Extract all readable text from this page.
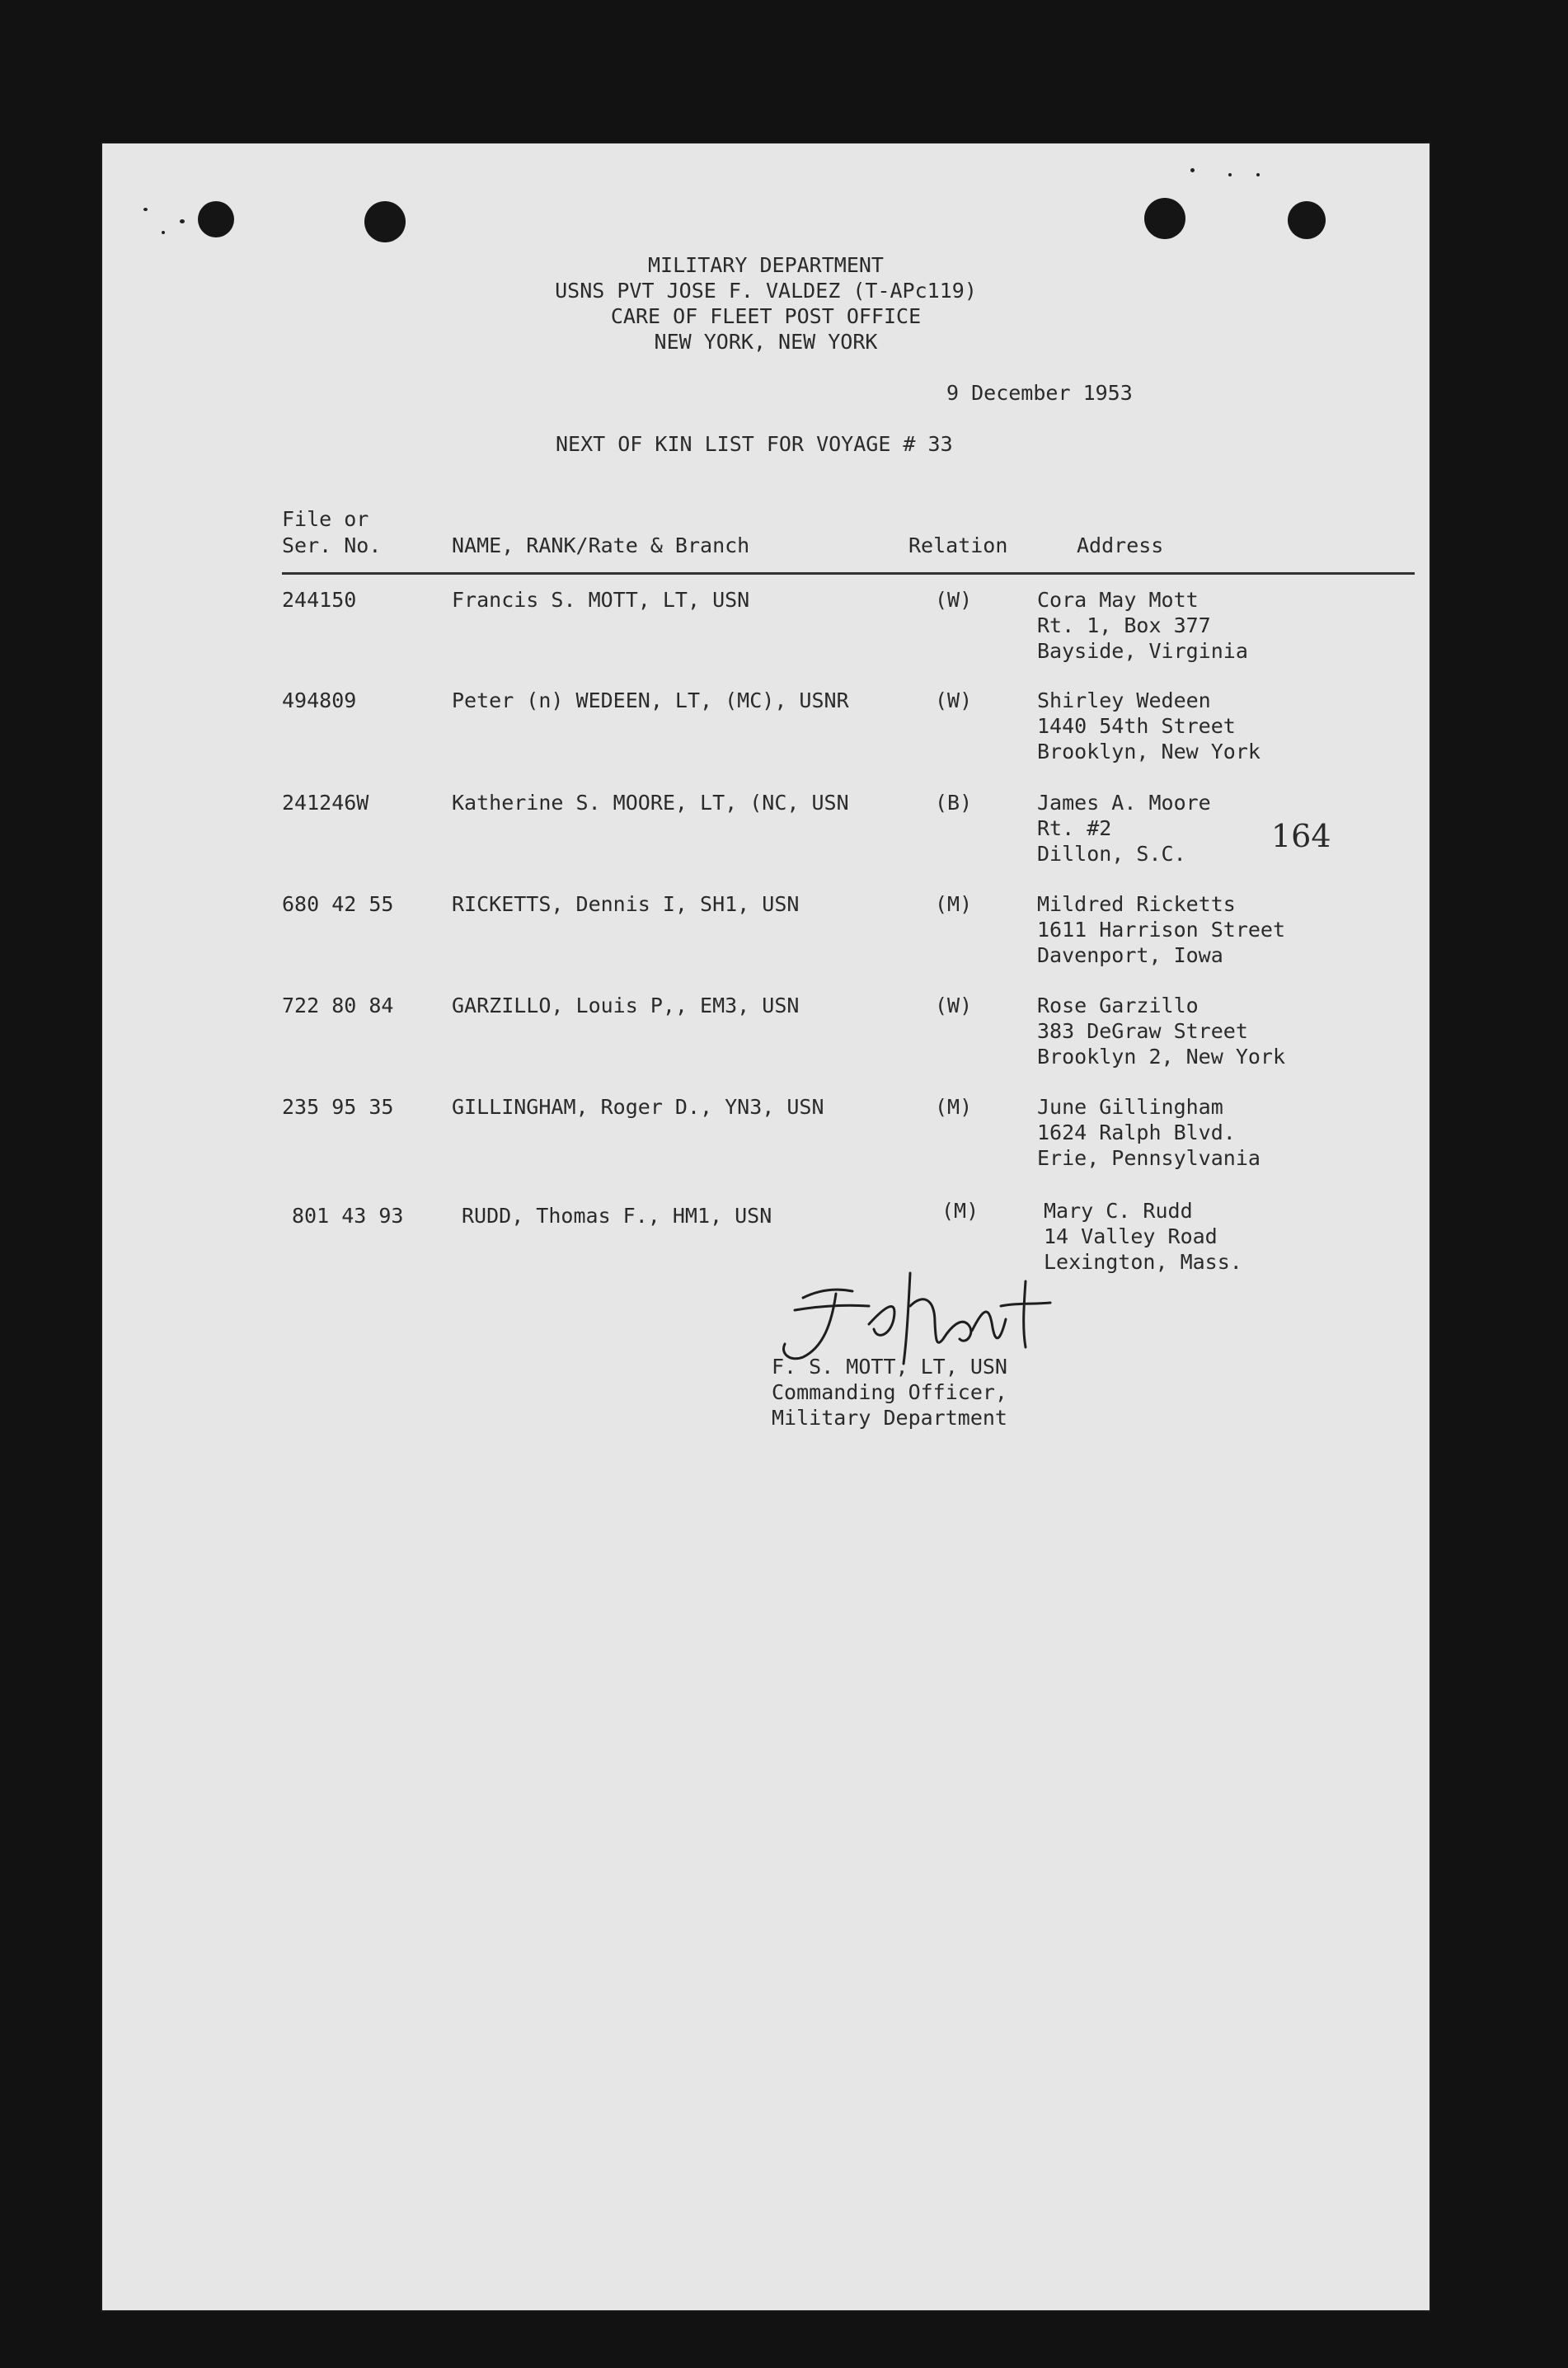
MILITARY DEPARTMENT
USNS PVT JOSE F. VALDEZ (T-APc119)
CARE OF FLEET POST OFFICE
NEW YORK, NEW YORK
9 December 1953
NEXT OF KIN LIST FOR VOYAGE # 33
File or
Ser. No.	NAME, RANK/Rate & Branch	Relation	Address
244150	Francis S. MOTT, LT, USN	(W)	Cora May Mott
Rt. 1, Box 377
Bayside, Virginia
494809	Peter (n) WEDEEN, LT, (MC), USNR	(W)	Shirley Wedeen
1440 54th Street
Brooklyn, New York
241246W	Katherine S. MOORE, LT, (NC, USN	(B)	James A. Moore
Rt. #2
Dillon, S.C.
680 42 55	RICKETTS, Dennis I, SH1, USN	(M)	Mildred Ricketts
1611 Harrison Street
Davenport, Iowa
722 80 84	GARZILLO, Louis P,, EM3, USN	(W)	Rose Garzillo
383 DeGraw Street
Brooklyn 2, New York
235 95 35	GILLINGHAM, Roger D., YN3, USN	(M)	June Gillingham
1624 Ralph Blvd.
Erie, Pennsylvania
801 43 93	RUDD, Thomas F., HM1, USN	(M)	Mary C. Rudd
14 Valley Road
Lexington, Mass.
164
F. S. MOTT, LT, USN
Commanding Officer,
Military Department
